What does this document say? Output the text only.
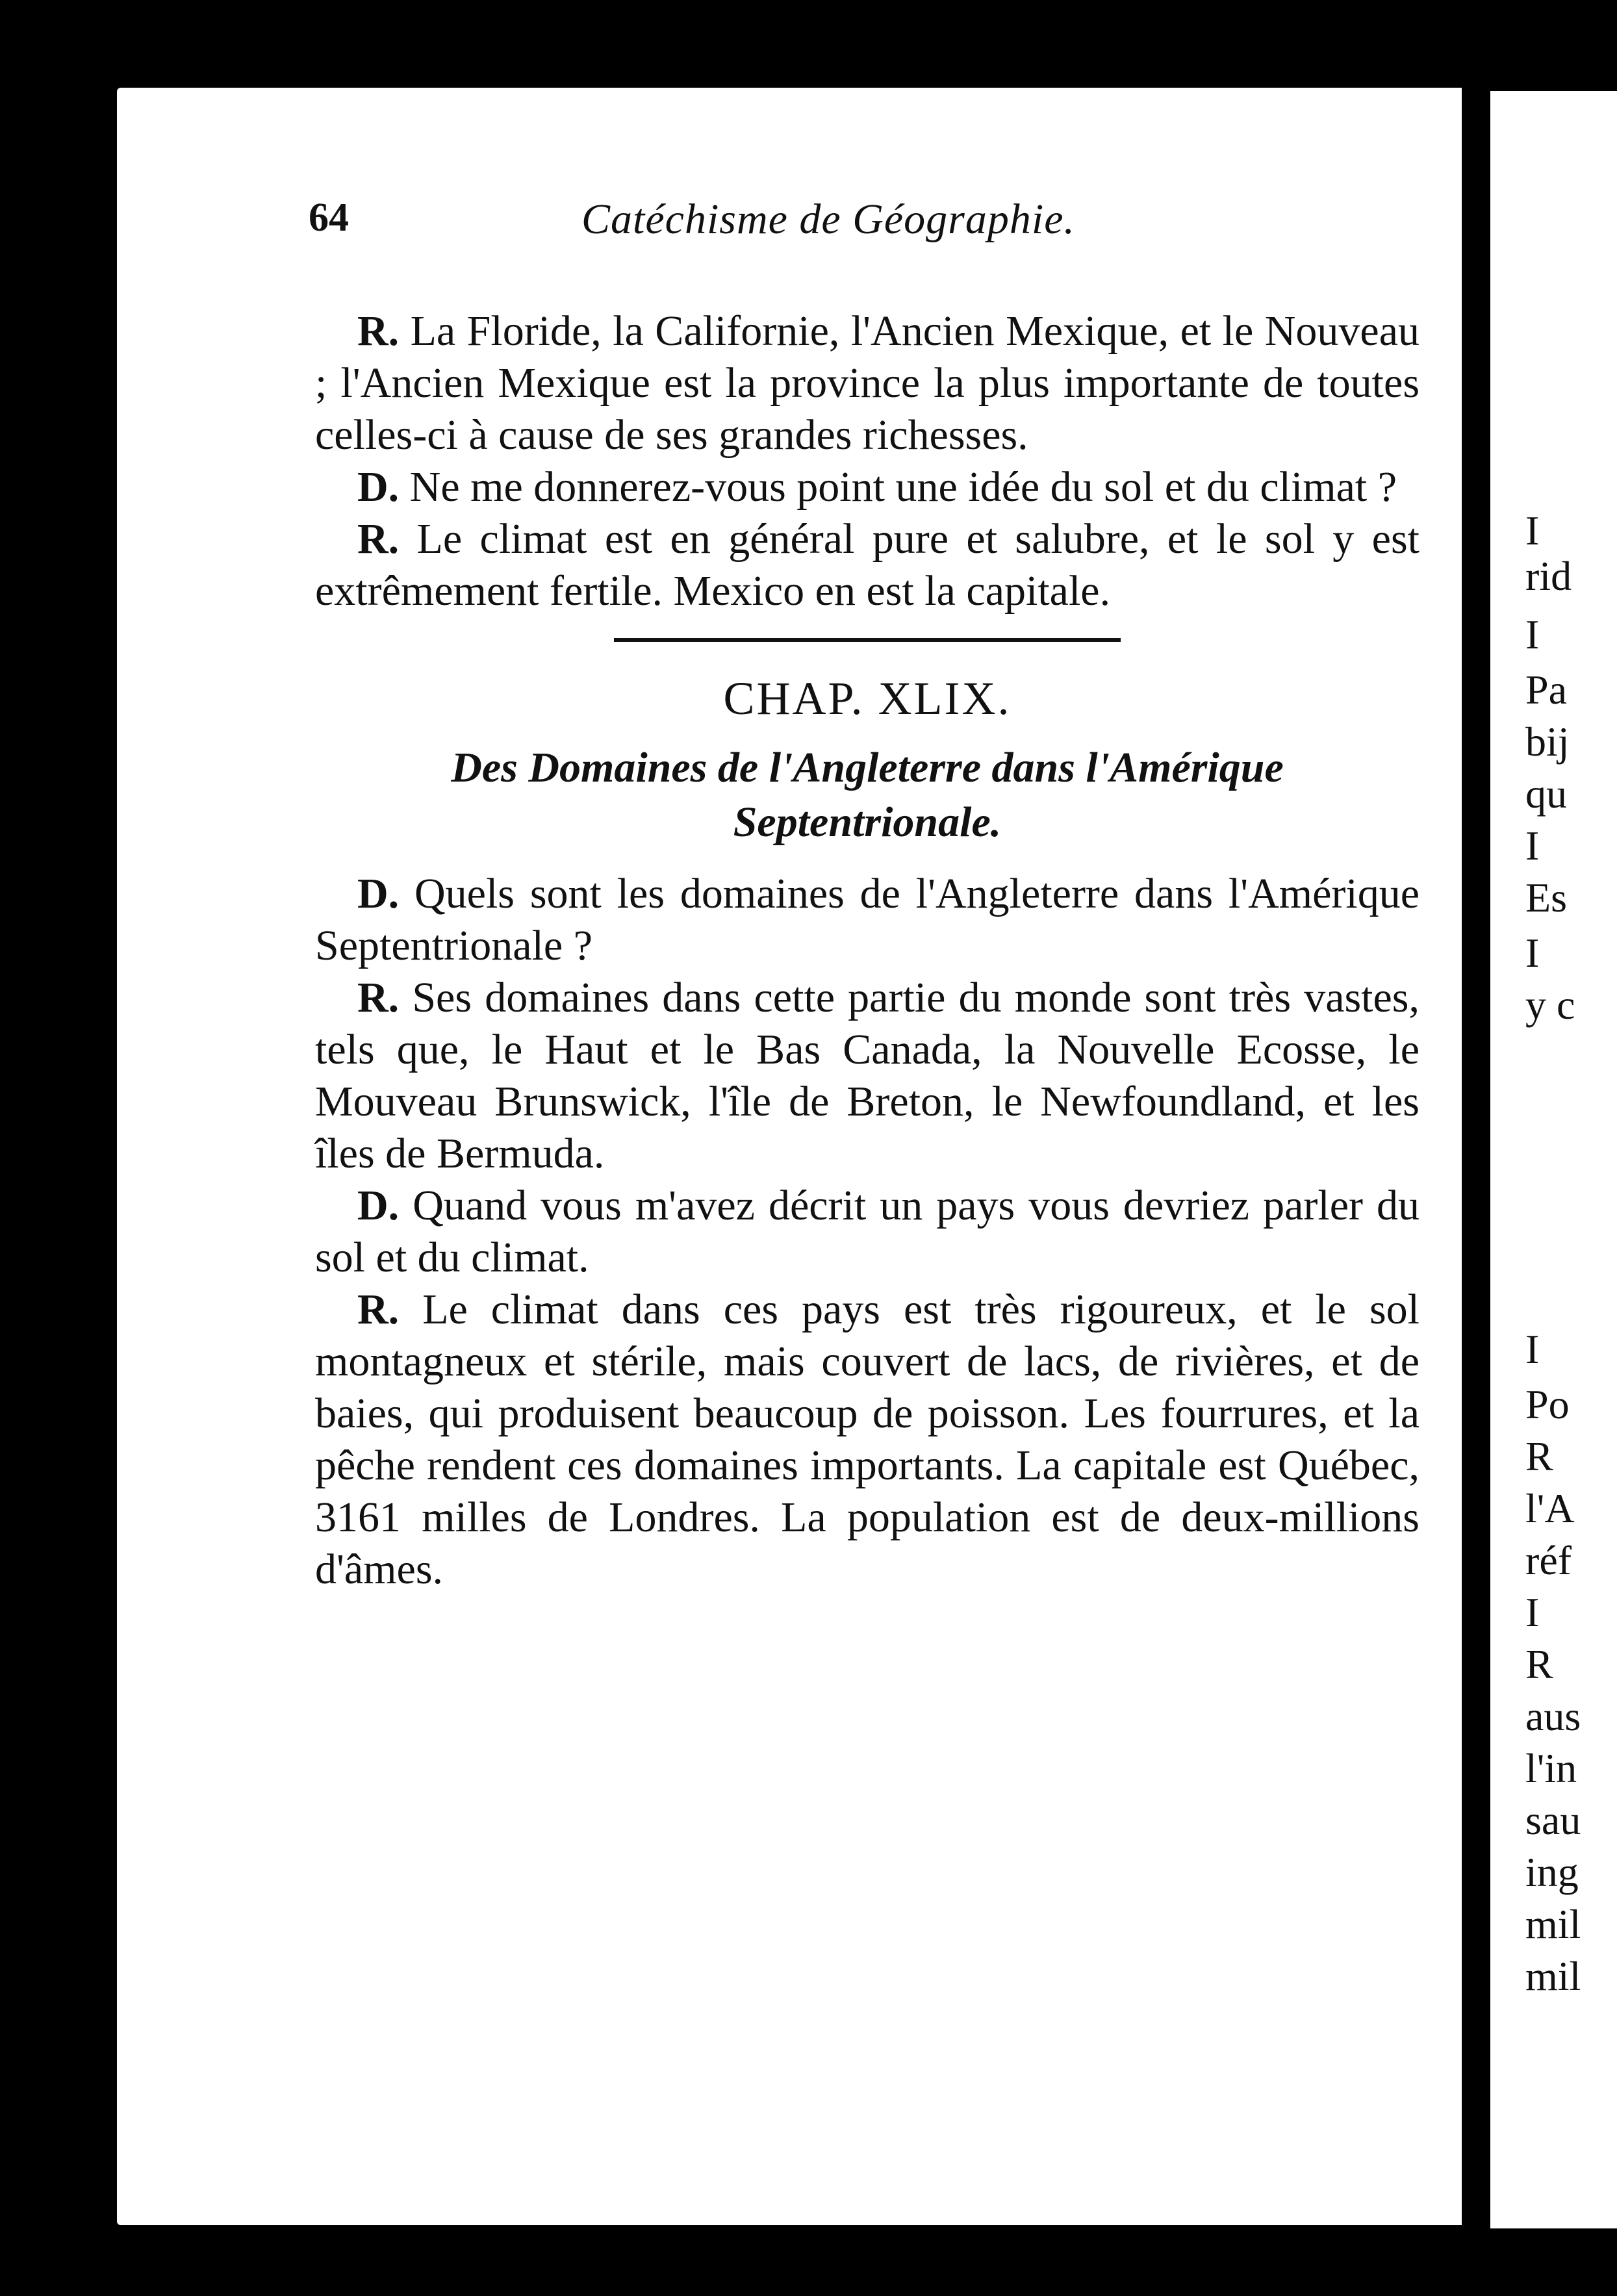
I
rid
I
Pa
bij
qu
I
Es
I
y c
I
Po
R
l'A
réf
I
R
aus
l'in
sau
ing
mil
mil
64	Catéchisme de Géographie.

R. La Floride, la Californie, l'Ancien Mexique, et le Nouveau ; l'Ancien Mexique est la province la plus importante de toutes celles-ci à cause de ses grandes richesses.

D. Ne me donnerez-vous point une idée du sol et du climat ?

R. Le climat est en général pure et salubre, et le sol y est extrêmement fertile. Mexico en est la capitale.

CHAP. XLIX.

Des Domaines de l'Angleterre dans l'Amérique Septentrionale.

D. Quels sont les domaines de l'Angleterre dans l'Amérique Septentrionale ?

R. Ses domaines dans cette partie du monde sont très vastes, tels que, le Haut et le Bas Canada, la Nouvelle Ecosse, le Mouveau Brunswick, l'île de Breton, le Newfoundland, et les îles de Bermuda.

D. Quand vous m'avez décrit un pays vous devriez parler du sol et du climat.

R. Le climat dans ces pays est très rigoureux, et le sol montagneux et stérile, mais couvert de lacs, de rivières, et de baies, qui produisent beaucoup de poisson. Les fourrures, et la pêche rendent ces domaines importants. La capitale est Québec, 3161 milles de Londres. La population est de deux-millions d'âmes.
